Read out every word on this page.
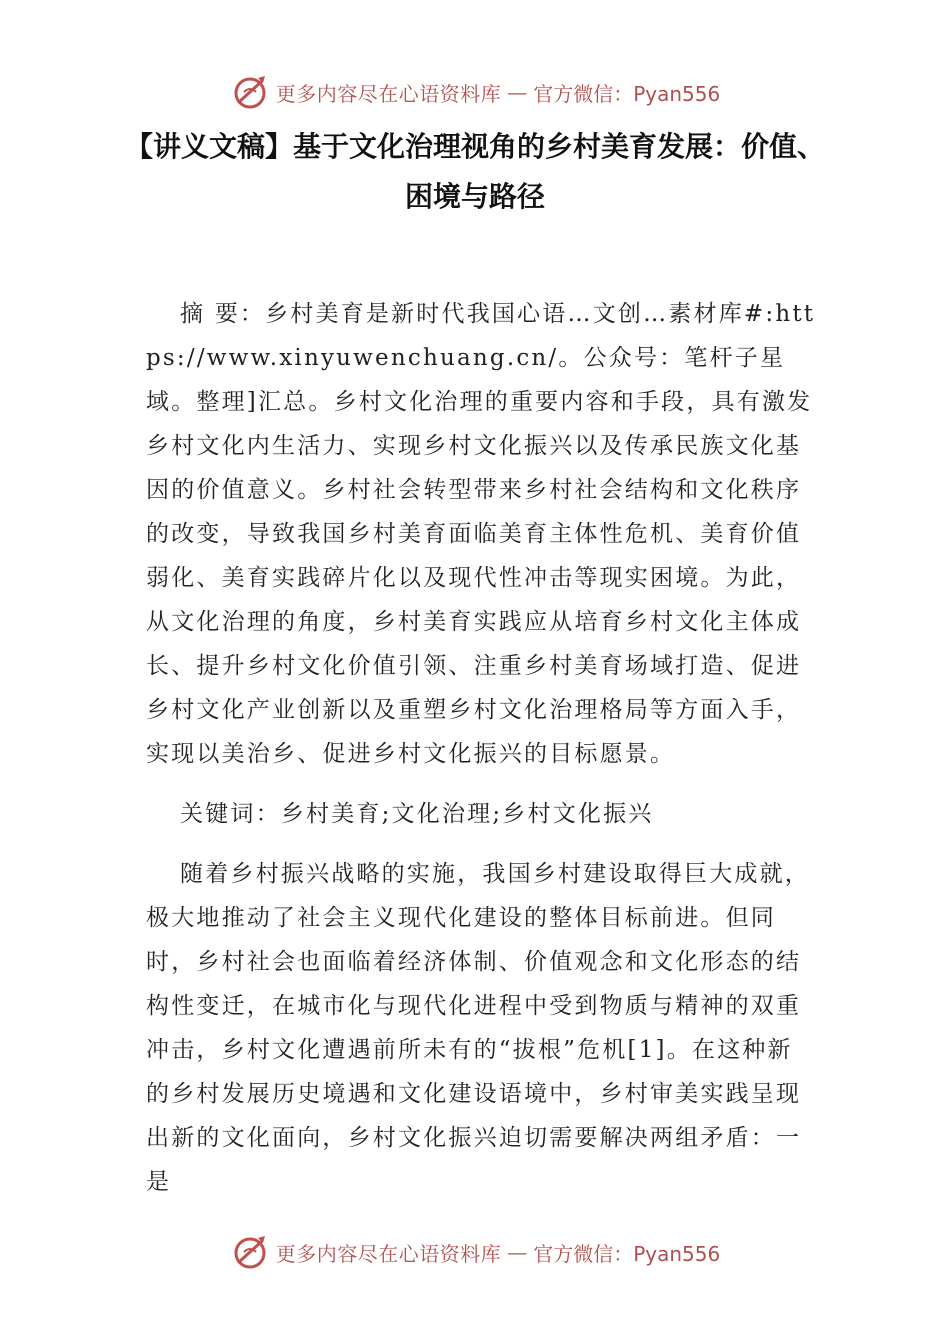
更多内容尽在心语资料库 — 官方微信：Pyan556
【讲义文稿】基于文化治理视角的乡村美育发展：价值、困境与路径

摘 要：乡村美育是新时代我国心语…文创…素材库#:https://www.xinyuwenchuang.cn/。公众号：笔杆子星域。整理]汇总。乡村文化治理的重要内容和手段，具有激发乡村文化内生活力、实现乡村文化振兴以及传承民族文化基因的价值意义。乡村社会转型带来乡村社会结构和文化秩序的改变，导致我国乡村美育面临美育主体性危机、美育价值弱化、美育实践碎片化以及现代性冲击等现实困境。为此，从文化治理的角度，乡村美育实践应从培育乡村文化主体成长、提升乡村文化价值引领、注重乡村美育场域打造、促进乡村文化产业创新以及重塑乡村文化治理格局等方面入手，实现以美治乡、促进乡村文化振兴的目标愿景。

关键词：乡村美育;文化治理;乡村文化振兴

随着乡村振兴战略的实施，我国乡村建设取得巨大成就，极大地推动了社会主义现代化建设的整体目标前进。但同时，乡村社会也面临着经济体制、价值观念和文化形态的结构性变迁，在城市化与现代化进程中受到物质与精神的双重冲击，乡村文化遭遇前所未有的“拔根”危机[1]。在这种新的乡村发展历史境遇和文化建设语境中，乡村审美实践呈现出新的文化面向，乡村文化振兴迫切需要解决两组矛盾：一是

更多内容尽在心语资料库 — 官方微信：Pyan556
